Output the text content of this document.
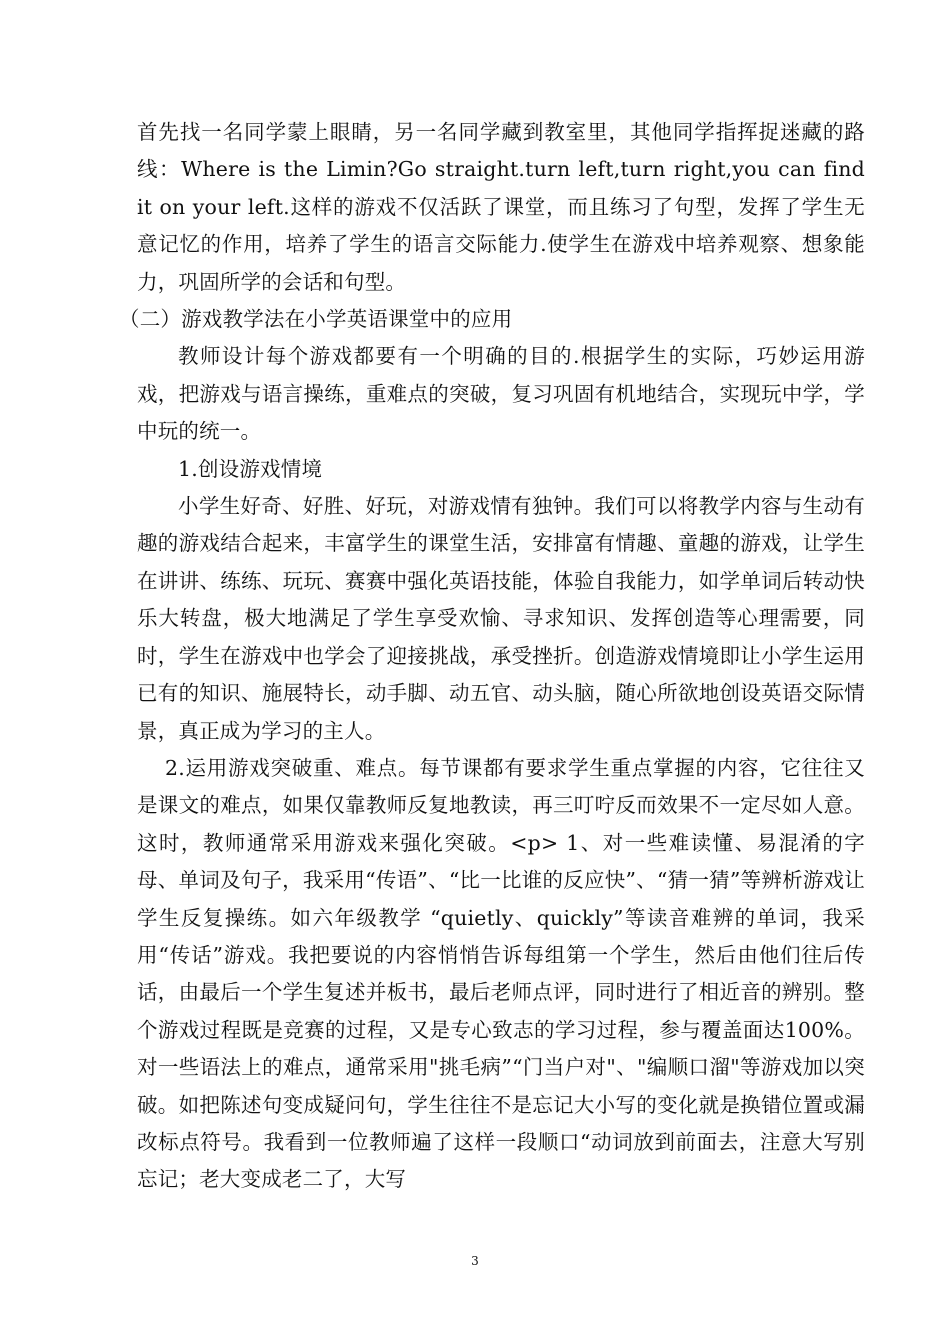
首先找一名同学蒙上眼睛，另一名同学藏到教室里，其他同学指挥捉迷藏的路线：Where is the Limin?Go straight.turn left,turn right,you can find it on your left.这样的游戏不仅活跃了课堂，而且练习了句型，发挥了学生无意记忆的作用，培养了学生的语言交际能力.使学生在游戏中培养观察、想象能力，巩固所学的会话和句型。

（二）游戏教学法在小学英语课堂中的应用

教师设计每个游戏都要有一个明确的目的.根据学生的实际，巧妙运用游戏，把游戏与语言操练，重难点的突破，复习巩固有机地结合，实现玩中学，学中玩的统一。

1.创设游戏情境

小学生好奇、好胜、好玩，对游戏情有独钟。我们可以将教学内容与生动有趣的游戏结合起来，丰富学生的课堂生活，安排富有情趣、童趣的游戏，让学生在讲讲、练练、玩玩、赛赛中强化英语技能，体验自我能力，如学单词后转动快乐大转盘，极大地满足了学生享受欢愉、寻求知识、发挥创造等心理需要，同时，学生在游戏中也学会了迎接挑战，承受挫折。创造游戏情境即让小学生运用已有的知识、施展特长，动手脚、动五官、动头脑，随心所欲地创设英语交际情景，真正成为学习的主人。

2.运用游戏突破重、难点。每节课都有要求学生重点掌握的内容，它往往又是课文的难点，如果仅靠教师反复地教读，再三叮咛反而效果不一定尽如人意。这时，教师通常采用游戏来强化突破。<p> 1、对一些难读懂、易混淆的字母、单词及句子，我采用“传语”、“比一比谁的反应快”、“猜一猜”等辨析游戏让学生反复操练。如六年级教学 “quietly、quickly”等读音难辨的单词，我采用“传话”游戏。我把要说的内容悄悄告诉每组第一个学生，然后由他们往后传话，由最后一个学生复述并板书，最后老师点评，同时进行了相近音的辨别。整个游戏过程既是竞赛的过程，又是专心致志的学习过程，参与覆盖面达100%。对一些语法上的难点，通常采用"挑毛病”“门当户对"、"编顺口溜"等游戏加以突破。如把陈述句变成疑问句，学生往往不是忘记大小写的变化就是换错位置或漏改标点符号。我看到一位教师遍了这样一段顺口“动词放到前面去，注意大写别忘记；老大变成老二了，大写

3
